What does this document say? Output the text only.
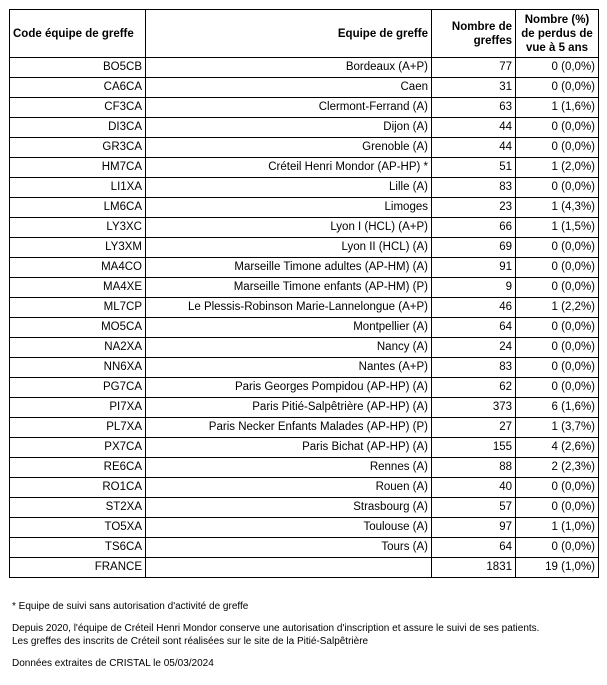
Code équipe de greffe	Equipe de greffe	Nombre de greffes	Nombre (%) de perdus de vue à 5 ans
BO5CB	Bordeaux (A+P)	77	0 (0,0%)
CA6CA	Caen	31	0 (0,0%)
CF3CA	Clermont-Ferrand (A)	63	1 (1,6%)
DI3CA	Dijon (A)	44	0 (0,0%)
GR3CA	Grenoble (A)	44	0 (0,0%)
HM7CA	Créteil Henri Mondor (AP-HP) *	51	1 (2,0%)
LI1XA	Lille (A)	83	0 (0,0%)
LM6CA	Limoges	23	1 (4,3%)
LY3XC	Lyon I (HCL) (A+P)	66	1 (1,5%)
LY3XM	Lyon II (HCL) (A)	69	0 (0,0%)
MA4CO	Marseille Timone adultes (AP-HM) (A)	91	0 (0,0%)
MA4XE	Marseille Timone enfants (AP-HM) (P)	9	0 (0,0%)
ML7CP	Le Plessis-Robinson Marie-Lannelongue (A+P)	46	1 (2,2%)
MO5CA	Montpellier (A)	64	0 (0,0%)
NA2XA	Nancy (A)	24	0 (0,0%)
NN6XA	Nantes (A+P)	83	0 (0,0%)
PG7CA	Paris Georges Pompidou (AP-HP) (A)	62	0 (0,0%)
PI7XA	Paris Pitié-Salpêtrière (AP-HP) (A)	373	6 (1,6%)
PL7XA	Paris Necker Enfants Malades (AP-HP) (P)	27	1 (3,7%)
PX7CA	Paris Bichat (AP-HP) (A)	155	4 (2,6%)
RE6CA	Rennes (A)	88	2 (2,3%)
RO1CA	Rouen (A)	40	0 (0,0%)
ST2XA	Strasbourg (A)	57	0 (0,0%)
TO5XA	Toulouse (A)	97	1 (1,0%)
TS6CA	Tours (A)	64	0 (0,0%)
FRANCE		1831	19 (1,0%)

* Equipe de suivi sans autorisation d'activité de greffe

Depuis 2020, l'équipe de Créteil Henri Mondor conserve une autorisation d'inscription et assure le suivi de ses patients.

Les greffes des inscrits de Créteil sont réalisées sur le site de la Pitié-Salpêtrière

Données extraites de CRISTAL le 05/03/2024
